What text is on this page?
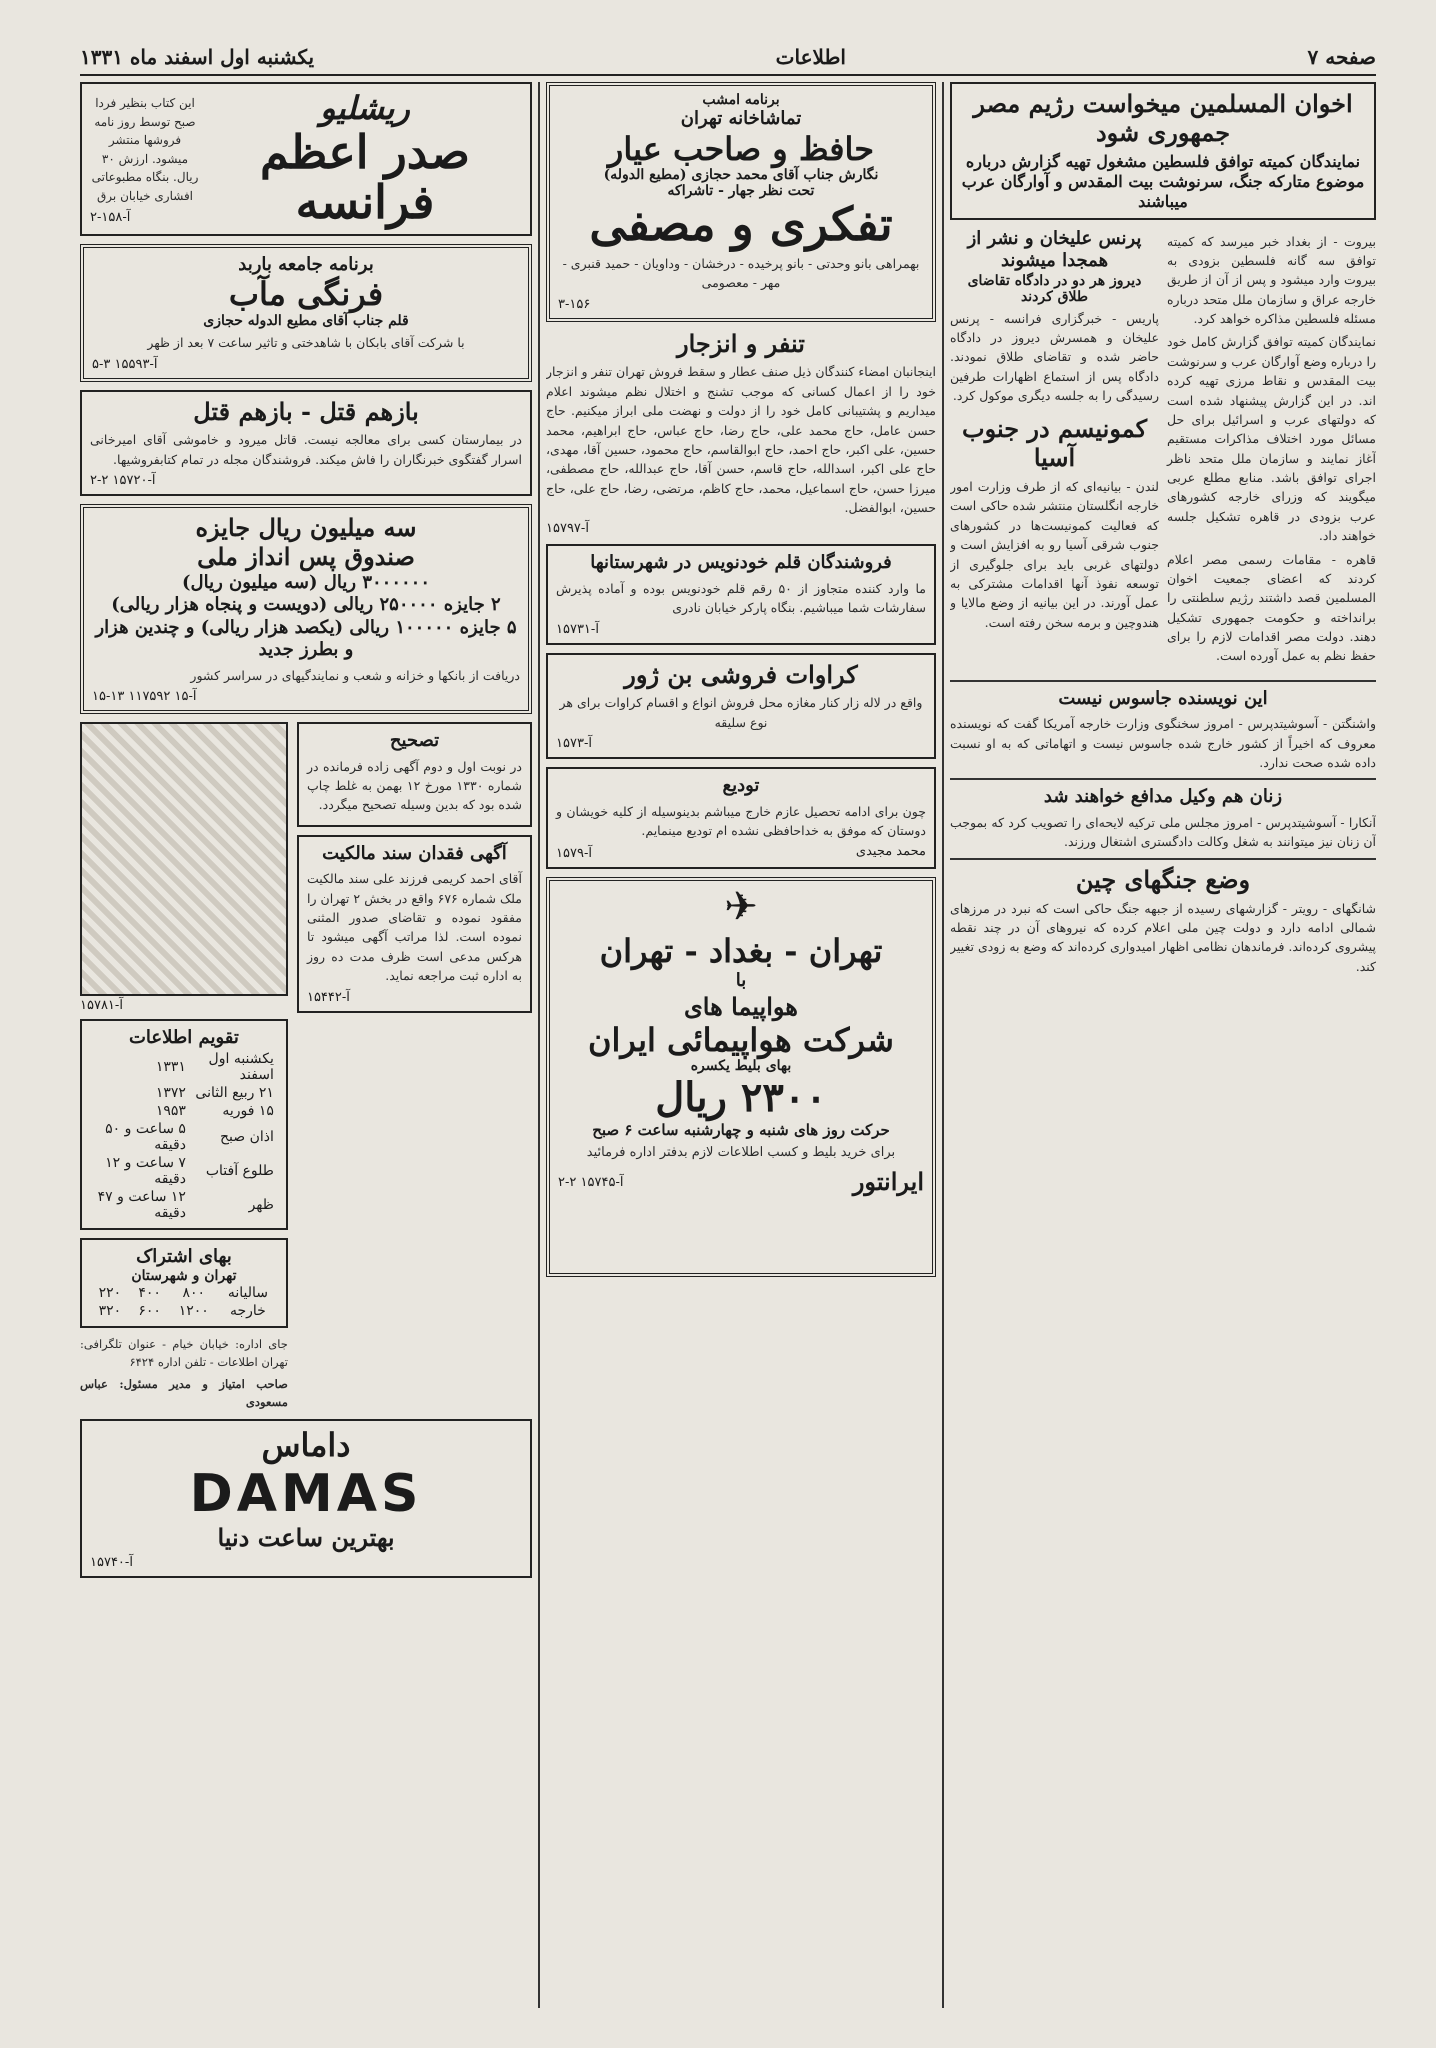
صفحه ۷
اطلاعات
یکشنبه اول اسفند ماه ۱۳۳۱
اخوان المسلمین میخواست رژیم مصر جمهوری شود
نمایندگان کمیته توافق فلسطین مشغول تهیه گزارش درباره موضوع متارکه جنگ، سرنوشت بیت المقدس و آوارگان عرب میباشند

بیروت - از بغداد خبر میرسد که کمیته توافق سه گانه فلسطین بزودی به بیروت وارد میشود و پس از آن از طریق خارجه عراق و سازمان ملل متحد درباره مسئله فلسطین مذاکره خواهد کرد.

نمایندگان کمیته توافق گزارش کامل خود را درباره وضع آوارگان عرب و سرنوشت بیت المقدس و نقاط مرزی تهیه کرده اند. در این گزارش پیشنهاد شده است که دولتهای عرب و اسرائیل برای حل مسائل مورد اختلاف مذاکرات مستقیم آغاز نمایند و سازمان ملل متحد ناظر اجرای توافق باشد. منابع مطلع عربی میگویند که وزرای خارجه کشورهای عرب بزودی در قاهره تشکیل جلسه خواهند داد.

قاهره - مقامات رسمی مصر اعلام کردند که اعضای جمعیت اخوان المسلمین قصد داشتند رژیم سلطنتی را برانداخته و حکومت جمهوری تشکیل دهند. دولت مصر اقدامات لازم را برای حفظ نظم به عمل آورده است.

پرنس علیخان و نشر از همجدا میشوند
دیروز هر دو در دادگاه تقاضای طلاق کردند

پاریس - خبرگزاری فرانسه - پرنس علیخان و همسرش دیروز در دادگاه حاضر شده و تقاضای طلاق نمودند. دادگاه پس از استماع اظهارات طرفین رسیدگی را به جلسه دیگری موکول کرد.

کمونیسم در جنوب آسیا

لندن - بیانیه‌ای که از طرف وزارت امور خارجه انگلستان منتشر شده حاکی است که فعالیت کمونیست‌ها در کشورهای جنوب شرقی آسیا رو به افزایش است و دولتهای غربی باید برای جلوگیری از توسعه نفوذ آنها اقدامات مشترکی به عمل آورند. در این بیانیه از وضع مالایا و هندوچین و برمه سخن رفته است.

این نویسنده جاسوس نیست

واشنگتن - آسوشیتدپرس - امروز سخنگوی وزارت خارجه آمریکا گفت که نویسنده معروف که اخیراً از کشور خارج شده جاسوس نیست و اتهاماتی که به او نسبت داده شده صحت ندارد.

زنان هم وکیل مدافع خواهند شد

آنکارا - آسوشیتدپرس - امروز مجلس ملی ترکیه لایحه‌ای را تصویب کرد که بموجب آن زنان نیز میتوانند به شغل وکالت دادگستری اشتغال ورزند.

وضع جنگهای چین

شانگهای - رویتر - گزارشهای رسیده از جبهه جنگ حاکی است که نبرد در مرزهای شمالی ادامه دارد و دولت چین ملی اعلام کرده که نیروهای آن در چند نقطه پیشروی کرده‌اند. فرماندهان نظامی اظهار امیدواری کرده‌اند که وضع به زودی تغییر کند.

برنامه امشب
تماشاخانه تهران
حافظ و صاحب عیار
نگارش جناب آقای محمد حجازی (مطیع الدوله)
تحت نظر جهار - تاشراکه
تفکری و مصفی

بهمراهی بانو وحدتی - بانو پرخیده - درخشان - وداویان - حمید قنبری - مهر - معصومی

۳-۱۵۶
تنفر و انزجار

اینجانبان امضاء کنندگان ذیل صنف عطار و سقط فروش تهران تنفر و انزجار خود را از اعمال کسانی که موجب تشنج و اختلال نظم میشوند اعلام میداریم و پشتیبانی کامل خود را از دولت و نهضت ملی ابراز میکنیم. حاج حسن عامل، حاج محمد علی، حاج رضا، حاج عباس، حاج ابراهیم، محمد حسین، علی اکبر، حاج احمد، حاج ابوالقاسم، حاج محمود، حسین آقا، مهدی، حاج علی اکبر، اسدالله، حاج قاسم، حسن آقا، حاج عبدالله، حاج مصطفی، میرزا حسن، حاج اسماعیل، محمد، حاج کاظم، مرتضی، رضا، حاج علی، حاج حسین، ابوالفضل.

آ-۱۵۷۹۷
فروشندگان قلم خودنویس در شهرستانها

ما وارد کننده متجاوز از ۵۰ رقم قلم خودنویس بوده و آماده پذیرش سفارشات شما میباشیم. بنگاه پارکر خیابان نادری

آ-۱۵۷۳۱
کراوات فروشی بن ژور

واقع در لاله زار کنار مغازه محل فروش انواع و اقسام کراوات برای هر نوع سلیقه

آ-۱۵۷۳
تودیع

چون برای ادامه تحصیل عازم خارج میباشم بدینوسیله از کلیه خویشان و دوستان که موفق به خداحافظی نشده ام تودیع مینمایم.

محمد مجیدی
آ-۱۵۷۹
✈
تهران - بغداد - تهران
با
هواپیما های
شرکت هواپیمائی ایران
بهای بلیط یکسره
۲۳۰۰ ریال
حرکت روز های شنبه و چهارشنبه ساعت ۶ صبح

برای خرید بلیط و کسب اطلاعات لازم بدفتر اداره فرمائید

ایرانتور
آ-۱۵۷۴۵ ۲-۲
ریشلیو
صدر اعظم فرانسه

این کتاب بنظیر فردا صبح توسط روز نامه فروشها منتشر میشود. ارزش ۳۰ ریال. بنگاه مطبوعاتی افشاری خیابان برق

آ-۱۵۸-۲
برنامه جامعه باربد
فرنگی مآب
قلم جناب آقای مطیع الدوله حجازی

با شرکت آقای بابکان با شاهدختی و تاثیر ساعت ۷ بعد از ظهر

آ-۱۵۵۹۳ ۳-۵
بازهم قتل - بازهم قتل

در بیمارستان کسی برای معالجه نیست. قاتل میرود و خاموشی آقای امیرخانی اسرار گفتگوی خبرنگاران را فاش میکند. فروشندگان مجله در تمام کتابفروشیها.

آ-۱۵۷۲۰ ۲-۲
سه میلیون ریال جایزه
صندوق پس انداز ملی
۳۰۰۰۰۰۰ ریال (سه میلیون ریال)
۲ جایزه ۲۵۰۰۰۰ ریالی (دویست و پنجاه هزار ریالی)
۵ جایزه ۱۰۰۰۰۰ ریالی (یکصد هزار ریالی) و چندین هزار
و بطرز جدید

دریافت از بانکها و خزانه و شعب و نمایندگیهای در سراسر کشور

آ-۱۵ ۱۱۷۵۹۲ ۱۳-۱۵
تصحیح

در نوبت اول و دوم آگهی زاده فرمانده در شماره ۱۳۳۰ مورخ ۱۲ بهمن به غلط چاپ شده بود که بدین وسیله تصحیح میگردد.

آگهی فقدان سند مالکیت

آقای احمد کریمی فرزند علی سند مالکیت ملک شماره ۶۷۶ واقع در بخش ۲ تهران را مفقود نموده و تقاضای صدور المثنی نموده است. لذا مراتب آگهی میشود تا هرکس مدعی است ظرف مدت ده روز به اداره ثبت مراجعه نماید.

آ-۱۵۴۴۲
آ-۱۵۷۸۱
تقویم اطلاعات
یکشنبه اول اسفند	۱۳۳۱
۲۱ ربیع الثانی	۱۳۷۲
۱۵ فوریه	۱۹۵۳
اذان صبح	۵ ساعت و ۵۰ دقیقه
طلوع آفتاب	۷ ساعت و ۱۲ دقیقه
ظهر	۱۲ ساعت و ۴۷ دقیقه
بهای اشتراک
تهران و شهرستان
سالیانه	۸۰۰	۴۰۰	۲۲۰
خارجه	۱۲۰۰	۶۰۰	۳۲۰

جای اداره: خیابان خیام - عنوان تلگرافی: تهران اطلاعات - تلفن اداره ۶۴۲۴

صاحب امتیاز و مدیر مسئول: عباس مسعودی

داماس
DAMAS
بهترین ساعت دنیا
آ-۱۵۷۴۰
